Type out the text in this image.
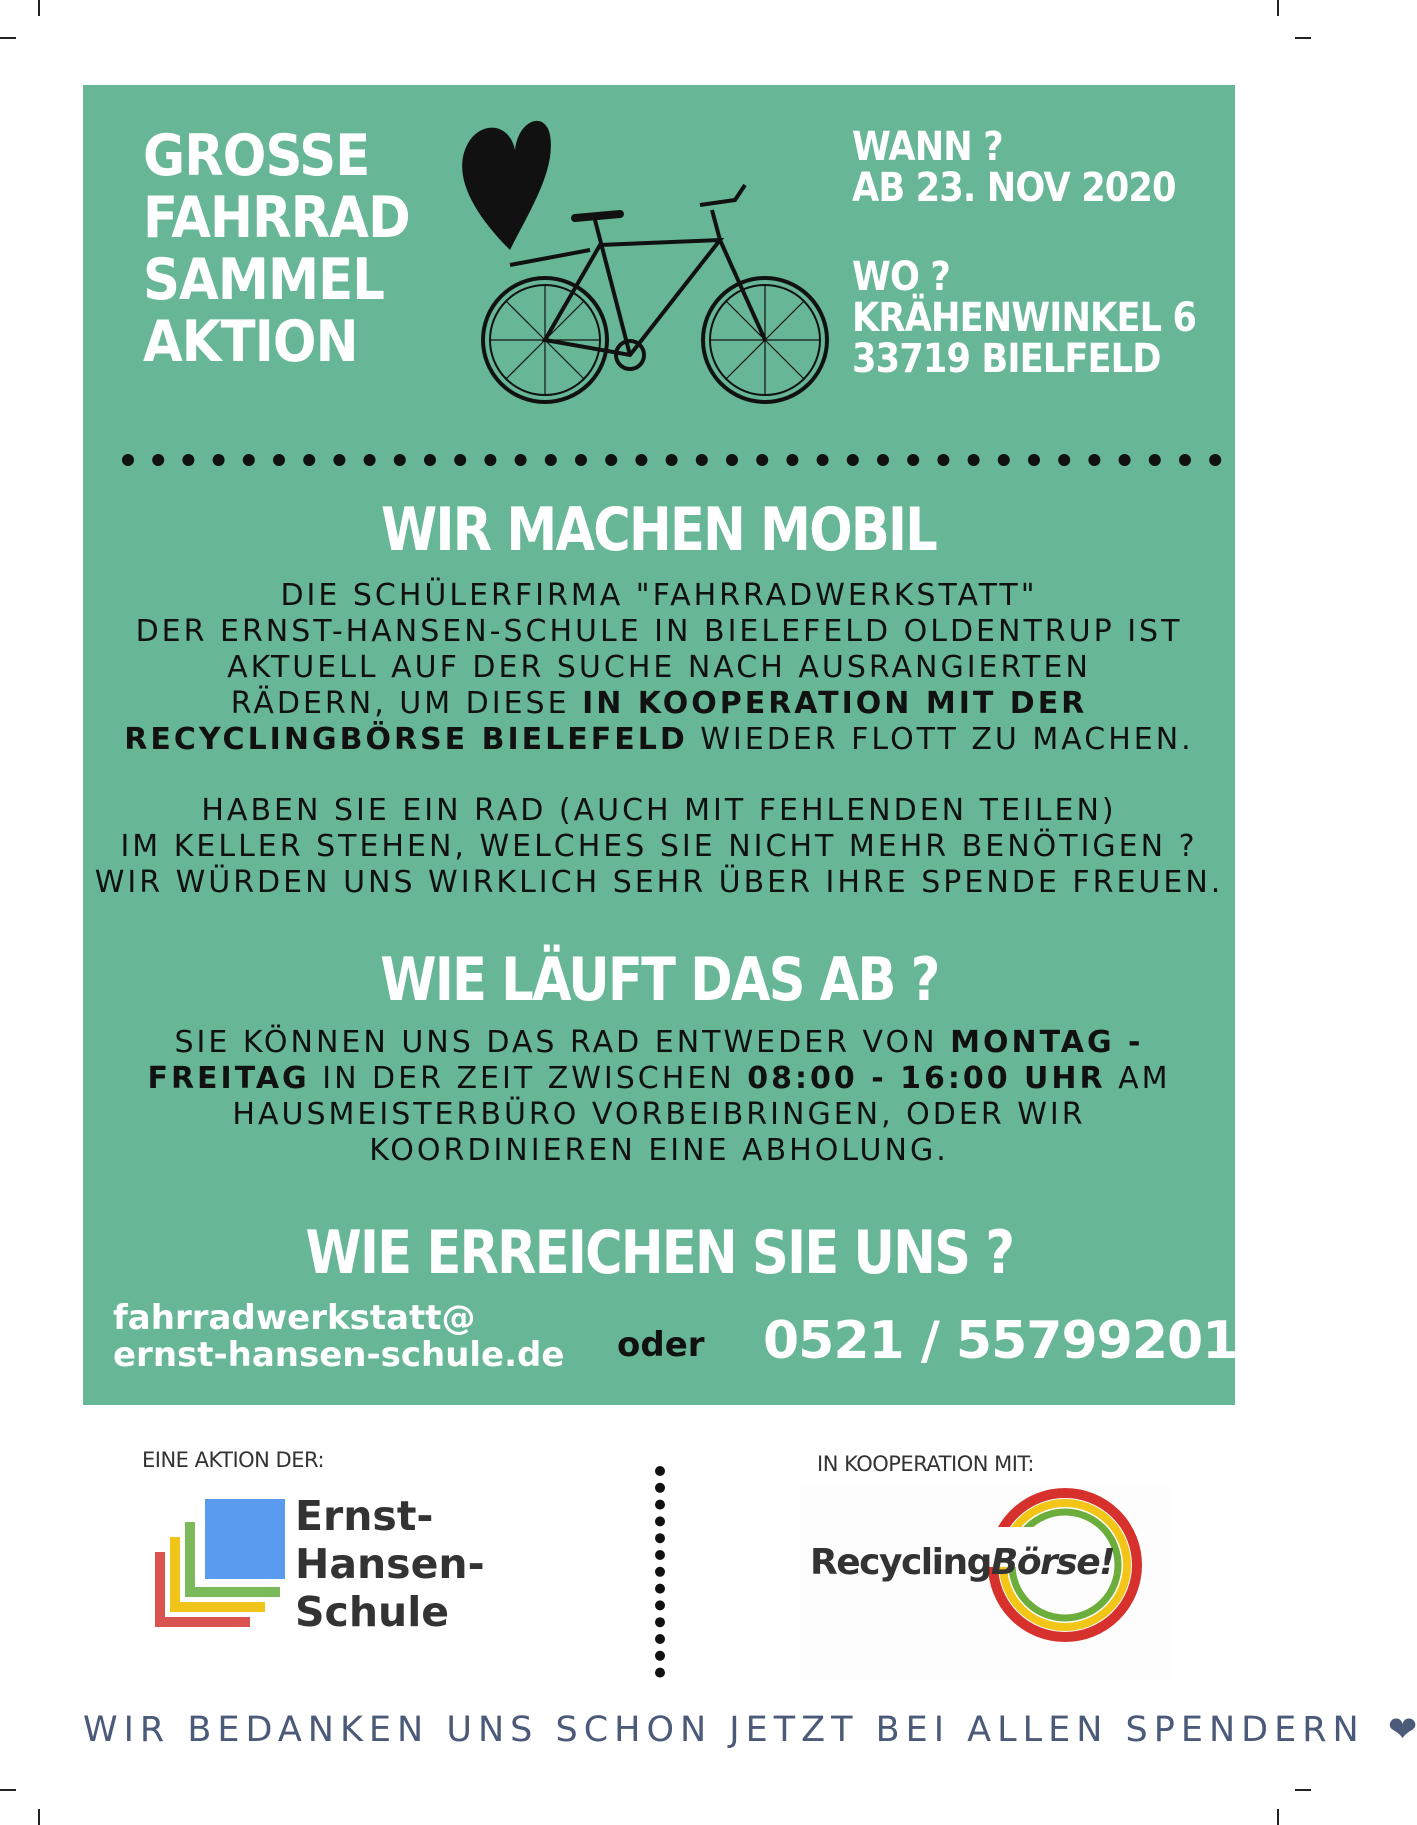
GROSSE
FAHRRAD
SAMMEL
AKTION
WANN ?
AB 23. NOV 2020
WO ?
KRÄHENWINKEL 6
33719 BIELFELD
WIR MACHEN MOBIL
DIE SCHÜLERFIRMA "FAHRRADWERKSTATT"
DER ERNST-HANSEN-SCHULE IN BIELEFELD OLDENTRUP IST
AKTUELL AUF DER SUCHE NACH AUSRANGIERTEN
RÄDERN, UM DIESE IN KOOPERATION MIT DER
RECYCLINGBÖRSE BIELEFELD WIEDER FLOTT ZU MACHEN.
HABEN SIE EIN RAD (AUCH MIT FEHLENDEN TEILEN)
IM KELLER STEHEN, WELCHES SIE NICHT MEHR BENÖTIGEN ?
WIR WÜRDEN UNS WIRKLICH SEHR ÜBER IHRE SPENDE FREUEN.
WIE LÄUFT DAS AB ?
SIE KÖNNEN UNS DAS RAD ENTWEDER VON MONTAG -
FREITAG IN DER ZEIT ZWISCHEN 08:00 - 16:00 UHR AM
HAUSMEISTERBÜRO VORBEIBRINGEN, ODER WIR
KOORDINIEREN EINE ABHOLUNG.
WIE ERREICHEN SIE UNS ?
fahrradwerkstatt@
ernst-hansen-schule.de oder 0521 / 557992011
EINE AKTION DER:
Ernst-
Hansen-
Schule
IN KOOPERATION MIT:
RecyclingBörse!
WIR BEDANKEN UNS SCHON JETZT BEI ALLEN SPENDERN ❤
